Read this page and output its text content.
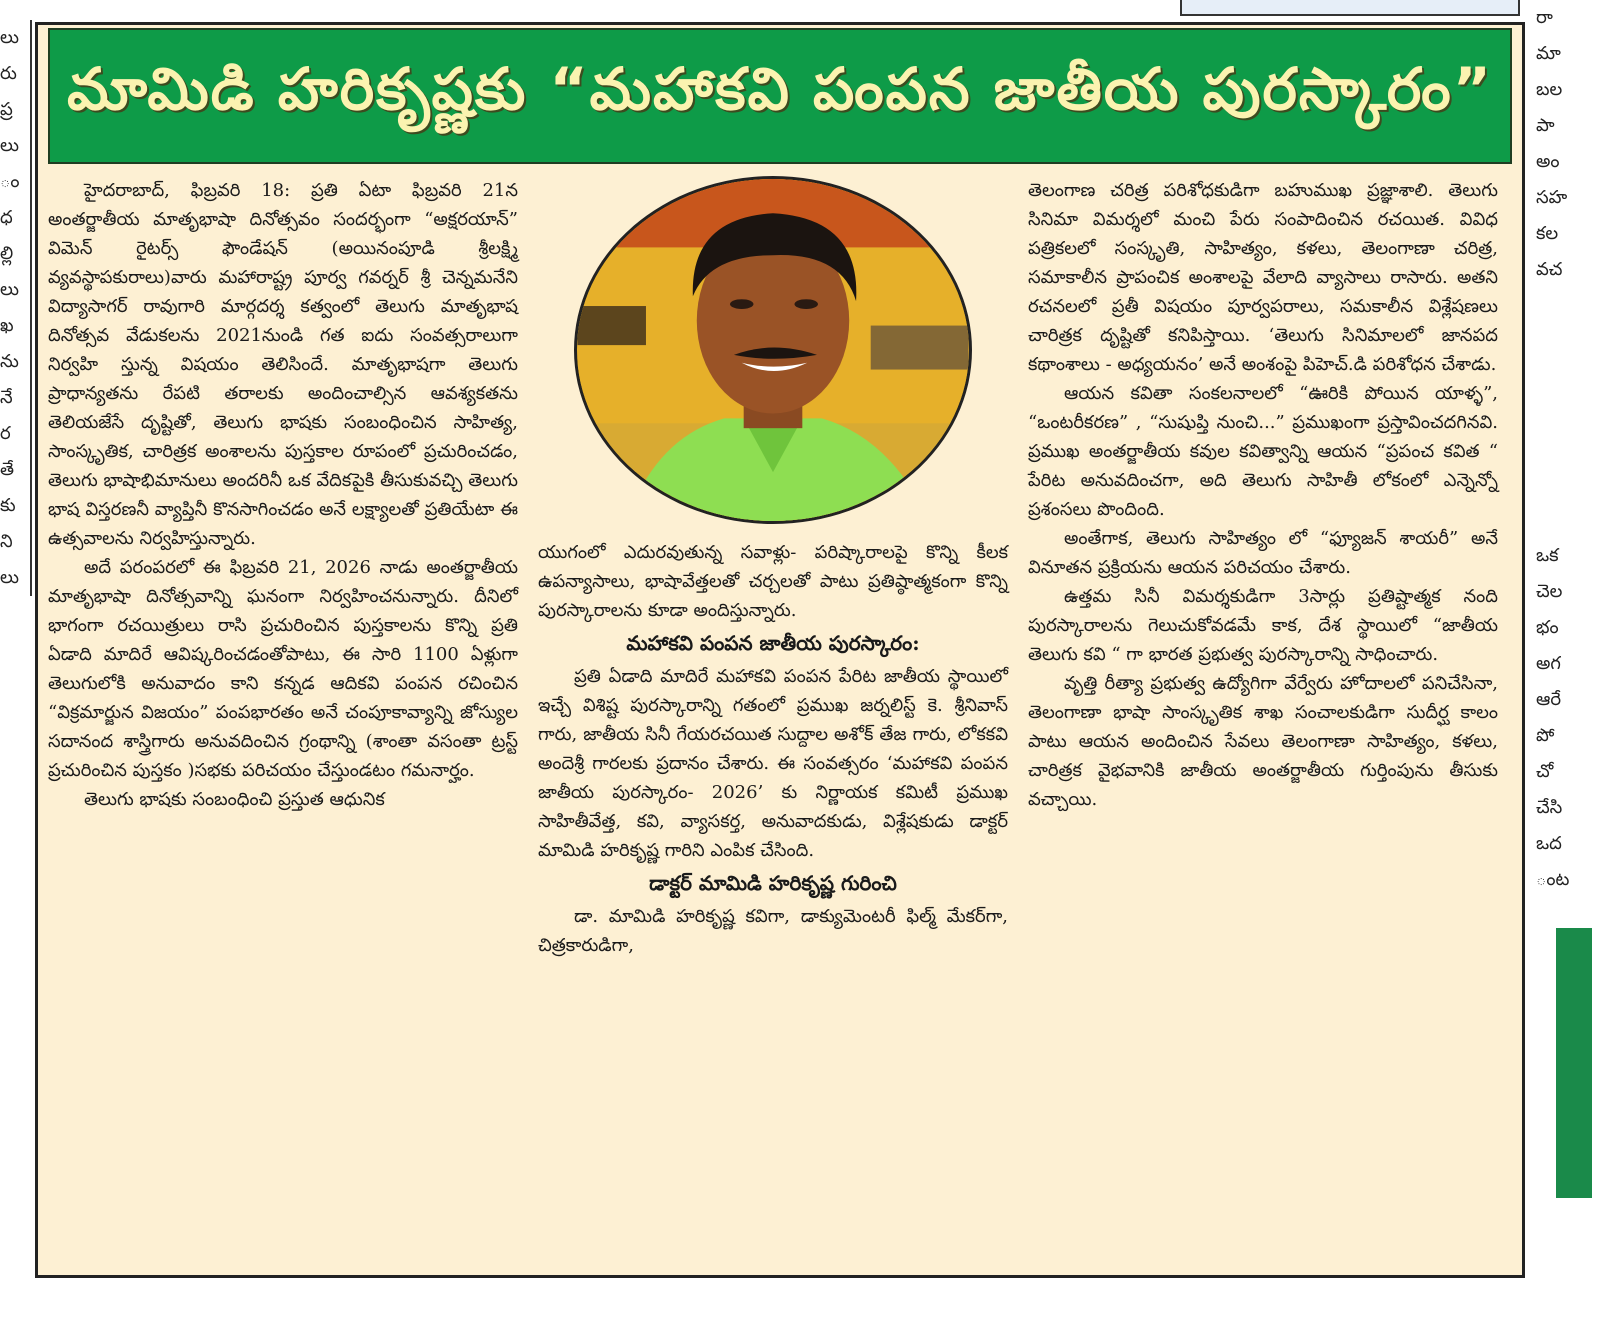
లు
రు
ప్ర
లు
ం
ధ
ల్లి
లు
ఖ
ను
నే
ర
తే
కు
ని
లు
రా
మా
బల
పా
అం
సహ
కల
వచ
ఒక
చెల
భం
అగ
ఆరే
పో
చో
చేసి
ఒద
ంట
మామిడి హరికృష్ణకు “మహాకవి పంపన జాతీయ పురస్కారం”

హైదరాబాద్, ఫిబ్రవరి 18: ప్రతి ఏటా ఫిబ్రవరి 21న అంతర్జాతీయ మాతృభాషా దినోత్సవం సందర్భంగా “అక్షరయాన్” విమెన్ రైటర్స్ ఫౌండేషన్ (అయినంపూడి శ్రీలక్ష్మి వ్యవస్థాపకురాలు)వారు మహారాష్ట్ర పూర్వ గవర్నర్ శ్రీ చెన్నమనేని విద్యాసాగర్ రావుగారి మార్గదర్శ కత్వంలో తెలుగు మాతృభాష దినోత్సవ వేడుకలను 2021నుండి గత ఐదు సంవత్సరాలుగా నిర్వహి స్తున్న విషయం తెలిసిందే. మాతృభాషగా తెలుగు ప్రాధాన్యతను రేపటి తరాలకు అందించాల్సిన ఆవశ్యకతను తెలియజేసే దృష్టితో, తెలుగు భాషకు సంబంధించిన సాహిత్య, సాంస్కృతిక, చారిత్రక అంశాలను పుస్తకాల రూపంలో ప్రచురించడం, తెలుగు భాషాభిమానులు అందరినీ ఒక వేదికపైకి తీసుకువచ్చి తెలుగు భాష విస్తరణనీ వ్యాప్తినీ కొనసాగించడం అనే లక్ష్యాలతో ప్రతియేటా ఈ ఉత్సవాలను నిర్వహిస్తున్నారు.

అదే పరంపరలో ఈ ఫిబ్రవరి 21, 2026 నాడు అంతర్జాతీయ మాతృభాషా దినోత్సవాన్ని ఘనంగా నిర్వహించనున్నారు. దీనిలో భాగంగా రచయిత్రులు రాసి ప్రచురించిన పుస్తకాలను కొన్ని ప్రతి ఏడాది మాదిరే ఆవిష్కరించడంతోపాటు, ఈ సారి 1100 ఏళ్లుగా తెలుగులోకి అనువాదం కాని కన్నడ ఆదికవి పంపన రచించిన “విక్రమార్జున విజయం” పంపభారతం అనే చంపూకావ్యాన్ని జోస్యుల సదానంద శాస్త్రిగారు అనువదించిన గ్రంథాన్ని (శాంతా వసంతా ట్రస్ట్ ప్రచురించిన పుస్తకం )సభకు పరిచయం చేస్తుండటం గమనార్హం.

తెలుగు భాషకు సంబంధించి ప్రస్తుత ఆధునిక

యుగంలో ఎదురవుతున్న సవాళ్లు- పరిష్కారాలపై కొన్ని కీలక ఉపన్యాసాలు, భాషావేత్తలతో చర్చలతో పాటు ప్రతిష్ఠాత్మకంగా కొన్ని పురస్కారాలను కూడా అందిస్తున్నారు.

మహాకవి పంపన జాతీయ పురస్కారం:

ప్రతి ఏడాది మాదిరే మహాకవి పంపన పేరిట జాతీయ స్థాయిలో ఇచ్చే విశిష్ట పురస్కారాన్ని గతంలో ప్రముఖ జర్నలిస్ట్ కె. శ్రీనివాస్ గారు, జాతీయ సినీ గేయరచయిత సుద్దాల అశోక్ తేజ గారు, లోకకవి అందెశ్రీ గారలకు ప్రదానం చేశారు. ఈ సంవత్సరం ‘మహాకవి పంపన జాతీయ పురస్కారం- 2026’ కు నిర్ణాయక కమిటీ ప్రముఖ సాహితీవేత్త, కవి, వ్యాసకర్త, అనువాదకుడు, విశ్లేషకుడు డాక్టర్ మామిడి హరికృష్ణ గారిని ఎంపిక చేసింది.

డాక్టర్ మామిడి హరికృష్ణ గురించి

డా. మామిడి హరికృష్ణ కవిగా, డాక్యుమెంటరీ ఫిల్మ్ మేకర్‌గా, చిత్రకారుడిగా,

తెలంగాణ చరిత్ర పరిశోధకుడిగా బహుముఖ ప్రజ్ఞాశాలి. తెలుగు సినిమా విమర్శలో మంచి పేరు సంపాదించిన రచయిత. వివిధ పత్రికలలో సంస్కృతి, సాహిత్యం, కళలు, తెలంగాణా చరిత్ర, సమాకాలీన ప్రాపంచిక అంశాలపై వేలాది వ్యాసాలు రాసారు. అతని రచనలలో ప్రతీ విషయం పూర్వపరాలు, సమకాలీన విశ్లేషణలు చారిత్రక దృష్టితో కనిపిస్తాయి. ‘తెలుగు సినిమాలలో జానపద కథాంశాలు - అధ్యయనం’ అనే అంశంపై పిహెచ్.డి పరిశోధన చేశాడు.

ఆయన కవితా సంకలనాలలో “ఊరికి పోయిన యాళ్ళ”, “ఒంటరీకరణ” , “సుషుప్తి నుంచి...” ప్రముఖంగా ప్రస్తావించదగినవి. ప్రముఖ అంతర్జాతీయ కవుల కవిత్వాన్ని ఆయన “ప్రపంచ కవిత “ పేరిట అనువదించగా, అది తెలుగు సాహితీ లోకంలో ఎన్నెన్నో ప్రశంసలు పొందింది.

అంతేగాక, తెలుగు సాహిత్యం లో “ఫ్యూజన్ శాయరీ” అనే వినూతన ప్రక్రియను ఆయన పరిచయం చేశారు.

ఉత్తమ సినీ విమర్శకుడిగా 3సార్లు ప్రతిష్టాత్మక నంది పురస్కారాలను గెలుచుకోవడమే కాక, దేశ స్థాయిలో “జాతీయ తెలుగు కవి “ గా భారత ప్రభుత్వ పురస్కారాన్ని సాధించారు.

వృత్తి రీత్యా ప్రభుత్వ ఉద్యోగిగా వేర్వేరు హోదాలలో పనిచేసినా, తెలంగాణా భాషా సాంస్కృతిక శాఖ సంచాలకుడిగా సుదీర్ఘ కాలం పాటు ఆయన అందించిన సేవలు తెలంగాణా సాహిత్యం, కళలు, చారిత్రక వైభవానికి జాతీయ అంతర్జాతీయ గుర్తింపును తీసుకు వచ్చాయి.
